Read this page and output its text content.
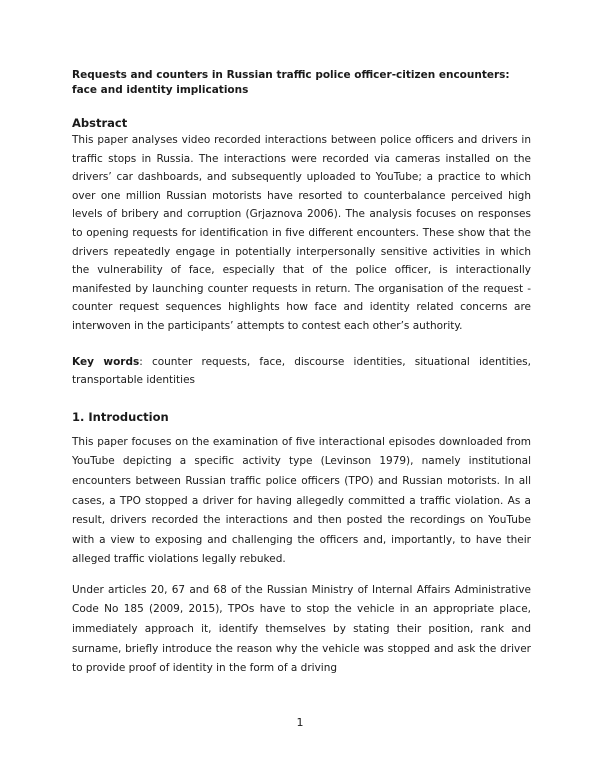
Requests and counters in Russian traffic police officer-citizen encounters: face and identity implications

Abstract

This paper analyses video recorded interactions between police officers and drivers in traffic stops in Russia. The interactions were recorded via cameras installed on the drivers’ car dashboards, and subsequently uploaded to YouTube; a practice to which over one million Russian motorists have resorted to counterbalance perceived high levels of bribery and corruption (Grjaznova 2006). The analysis focuses on responses to opening requests for identification in five different encounters. These show that the drivers repeatedly engage in potentially interpersonally sensitive activities in which the vulnerability of face, especially that of the police officer, is interactionally manifested by launching counter requests in return. The organisation of the request - counter request sequences highlights how face and identity related concerns are interwoven in the participants’ attempts to contest each other’s authority.

Key words: counter requests, face, discourse identities, situational identities, transportable identities

1. Introduction

This paper focuses on the examination of five interactional episodes downloaded from YouTube depicting a specific activity type (Levinson 1979), namely institutional encounters between Russian traffic police officers (TPO) and Russian motorists. In all cases, a TPO stopped a driver for having allegedly committed a traffic violation. As a result, drivers recorded the interactions and then posted the recordings on YouTube with a view to exposing and challenging the officers and, importantly, to have their alleged traffic violations legally rebuked.

Under articles 20, 67 and 68 of the Russian Ministry of Internal Affairs Administrative Code No 185 (2009, 2015), TPOs have to stop the vehicle in an appropriate place, immediately approach it, identify themselves by stating their position, rank and surname, briefly introduce the reason why the vehicle was stopped and ask the driver to provide proof of identity in the form of a driving

1
